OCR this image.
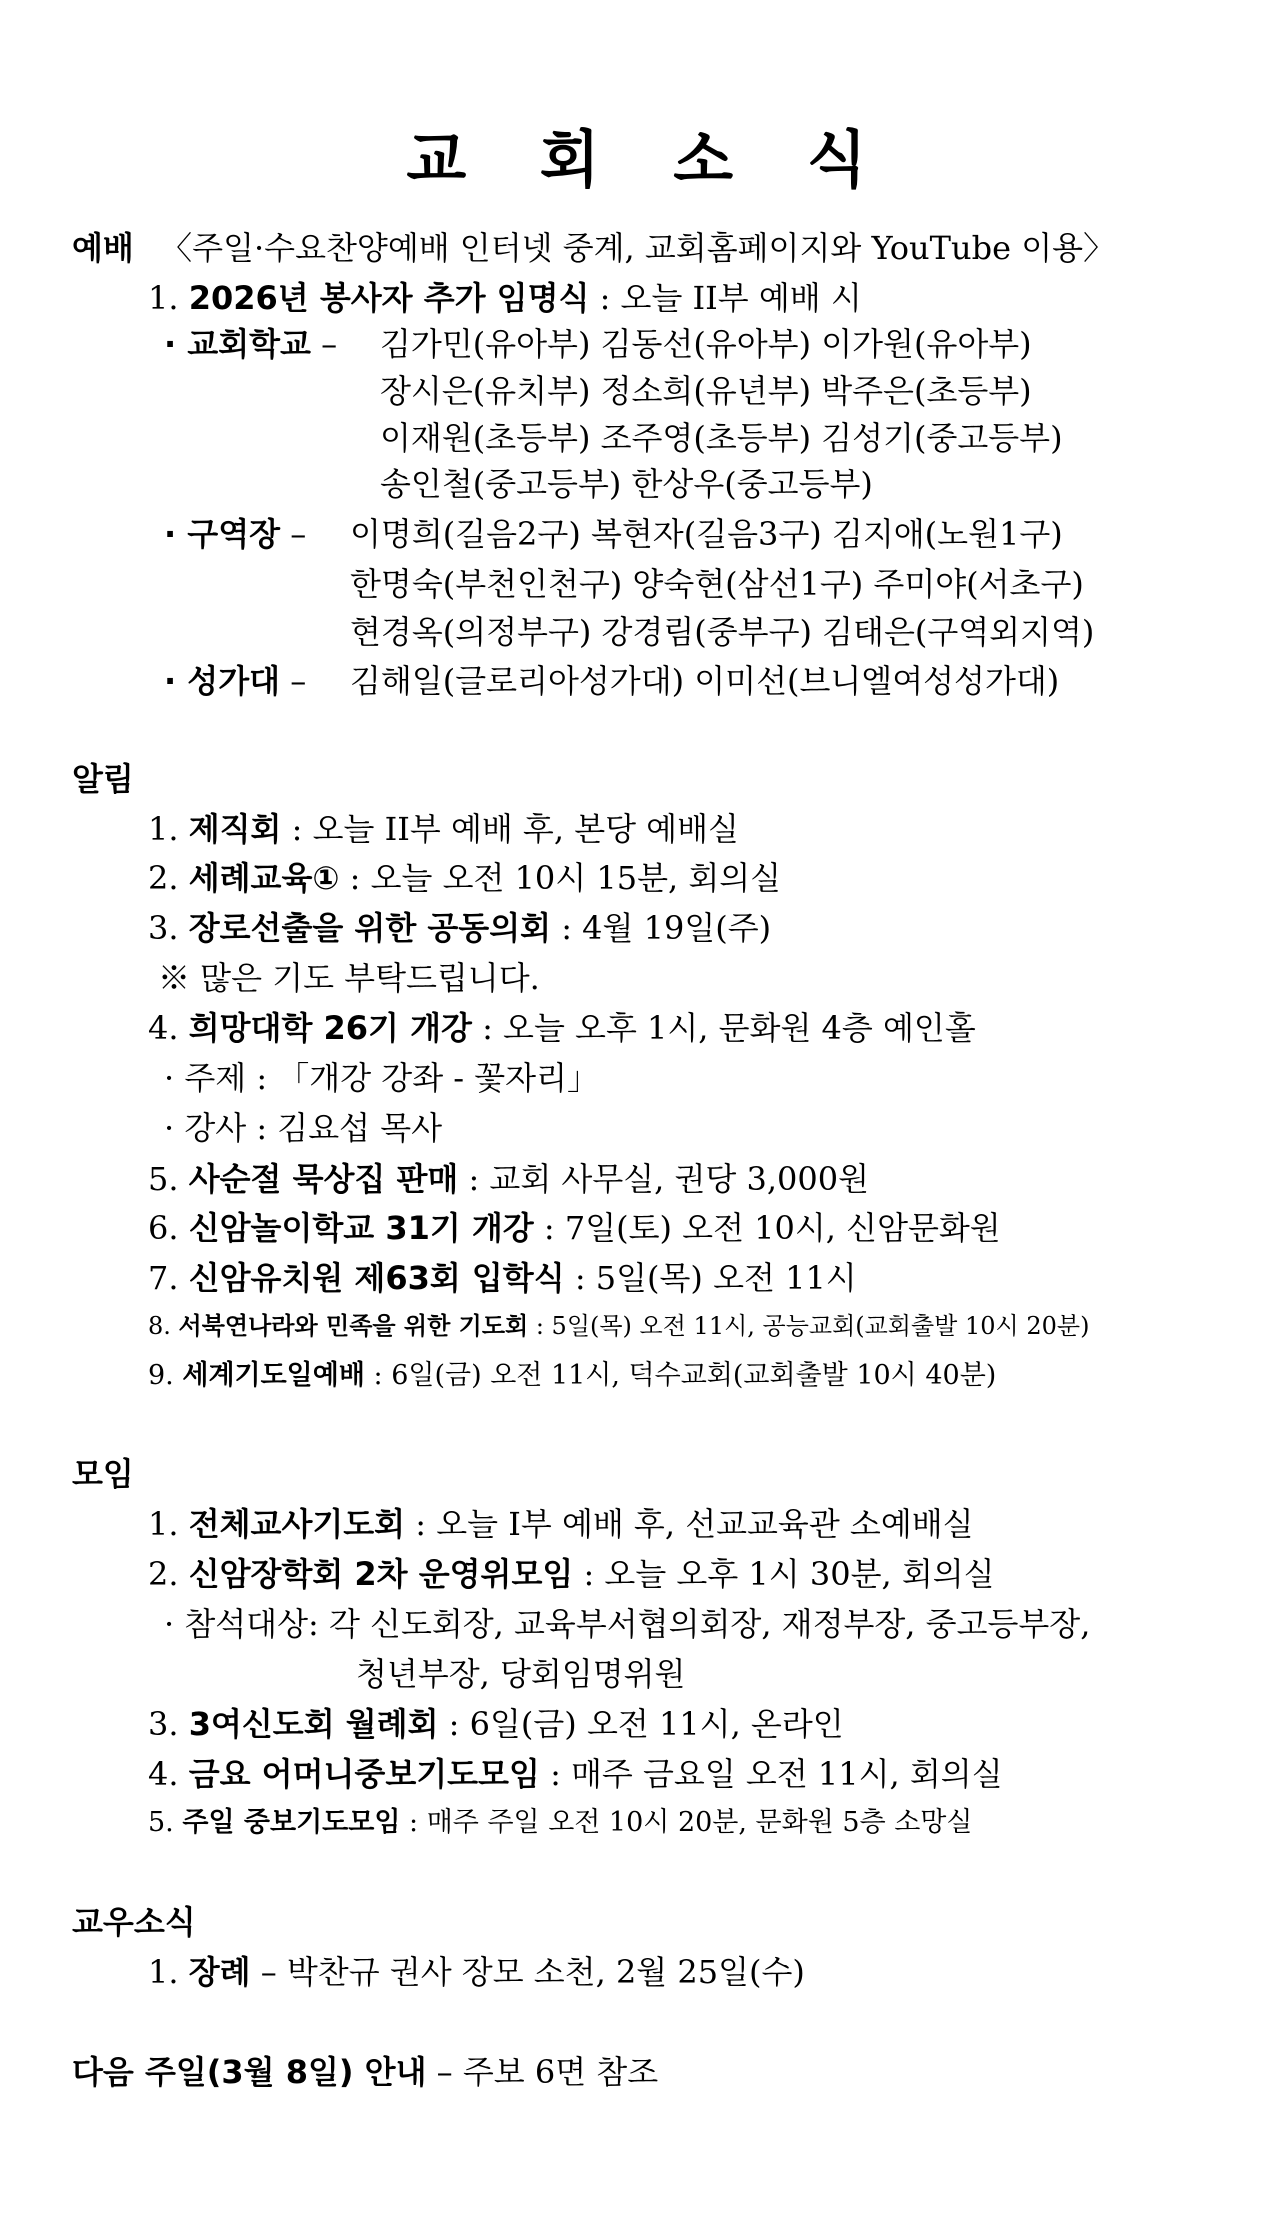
교 회 소 식
예배 〈주일·수요찬양예배 인터넷 중계, 교회홈페이지와 YouTube 이용〉
1. 2026년 봉사자 추가 임명식 : 오늘 II부 예배 시
· 교회학교 – 김가민(유아부) 김동선(유아부) 이가원(유아부)
장시은(유치부) 정소희(유년부) 박주은(초등부)
이재원(초등부) 조주영(초등부) 김성기(중고등부)
송인철(중고등부) 한상우(중고등부)
· 구역장 – 이명희(길음2구) 복현자(길음3구) 김지애(노원1구)
한명숙(부천인천구) 양숙현(삼선1구) 주미야(서초구)
현경옥(의정부구) 강경림(중부구) 김태은(구역외지역)
· 성가대 – 김해일(글로리아성가대) 이미선(브니엘여성성가대)
알림
1. 제직회 : 오늘 II부 예배 후, 본당 예배실
2. 세례교육① : 오늘 오전 10시 15분, 회의실
3. 장로선출을 위한 공동의회 : 4월 19일(주)
※ 많은 기도 부탁드립니다.
4. 희망대학 26기 개강 : 오늘 오후 1시, 문화원 4층 예인홀
· 주제 : 「개강 강좌 - 꽃자리」
· 강사 : 김요섭 목사
5. 사순절 묵상집 판매 : 교회 사무실, 권당 3,000원
6. 신암놀이학교 31기 개강 : 7일(토) 오전 10시, 신암문화원
7. 신암유치원 제63회 입학식 : 5일(목) 오전 11시
8. 서북연나라와 민족을 위한 기도회 : 5일(목) 오전 11시, 공능교회(교회출발 10시 20분)
9. 세계기도일예배 : 6일(금) 오전 11시, 덕수교회(교회출발 10시 40분)
모임
1. 전체교사기도회 : 오늘 I부 예배 후, 선교교육관 소예배실
2. 신암장학회 2차 운영위모임 : 오늘 오후 1시 30분, 회의실
· 참석대상: 각 신도회장, 교육부서협의회장, 재정부장, 중고등부장,
청년부장, 당회임명위원
3. 3여신도회 월례회 : 6일(금) 오전 11시, 온라인
4. 금요 어머니중보기도모임 : 매주 금요일 오전 11시, 회의실
5. 주일 중보기도모임 : 매주 주일 오전 10시 20분, 문화원 5층 소망실
교우소식
1. 장례 – 박찬규 권사 장모 소천, 2월 25일(수)
다음 주일(3월 8일) 안내 – 주보 6면 참조
